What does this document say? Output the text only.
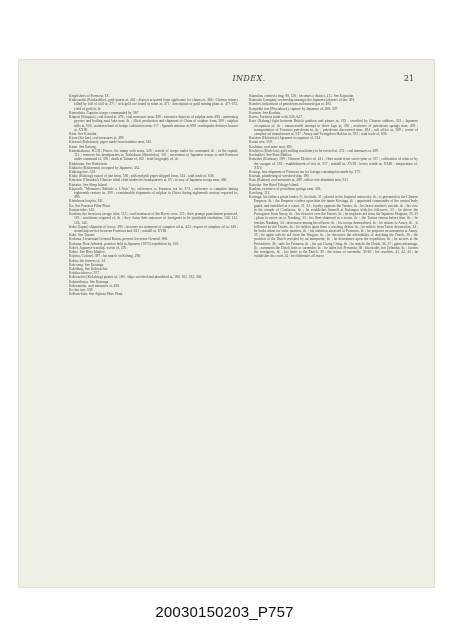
INDEX.	21
Kingfishers of Formosa, IX.
Kinkwaseki (Kinkashike), gold quartz at, 463 ; deposit acquired from applicants for claims at, 466 ; Chinese miners killed by fall of cliff at, 471 ; rich gold ore found in mine at, 471 ; description of gold mining plant at, 471-472, yield of gold at, ib.
Kinooshita, Captain, troops commanded by, 367.
Kinpori (Kinpairi), coal found at, 476 ; coal measures near, 499 ; extensive deposits of sulphur near, 496 ; interesting geysers and boiling mud lake near, ib. ; illicit production and shipment to China of sulphur from, 509 ; sulphur stills at, 504 ; northern limit of indigo cultivation near, 517 ; Spanish mission at, 608 ; earthquake destroys houses at, XXIII.
Kirai. See Kurasha.
Kiron (Ka-lun), coal measures at, 499.
Kitosroi (Kulumsia); paper made from bamboo near, 545.
Kiran. See Kalung.
Kitashirakawa, H.I.H., Prince, his tramp with army, 326 ; arrival of troops under his command, ib. ; at the capital, 312 ; removes his headquarters to Toshokuan (Shinchiku), 331 ; movement of Japanese troops to mid-Formosa under command of, 359 ; death at Tainan of, 365 ; brief biography of, ib.
Kiukiaona. See Kinkiairin.
Kiukioto (Kiukieuna) occupied by Japanese, 332.
Kiukong tree, 525.
Kiuko (Kukong) export of jute from, 530 ; pith and pith paper shipped from, 543 ; total trade of, 636.
Kiuroton (Chiuakio), Chinese tribal chief makes his headquarters at, 65 ; victory of Japanese troops near, 360.
Kiusatto. See Sleep Island.
Klaproth, "Memoires Relatifs a L'Asie" by, references to Formosa tea in, 373 ; reference to camphor during eighteenth century in, 399 ; considerable shipments of sulphur to China during eighteenth century reported in, 499.
Kleinhoria hospita, 541.
Ko. See Paeraria Fibre Plant.
Koatan tribe, 145.
Koalutu, the ferocious savage tribe, 115 ; cruel massacre of the Rover crew, 115 ; their prompt punishment promised, 119 ; conditions required of, ib. ; they claim their massacre of foreigners to be justifiable retaliation, 120, 141, 143, 144.
Kobe (Japan) shipment of tea to, 399 ; factories for treatment of camphor oil at, 423 ; export of camphor oil to, 440 ; steamship service between Formosa and, 621 ; rainfall at, XVIII.
Koki. See Taxaen.
Kodama, Lieutenant-General Baron, present Governor-General, 696.
Kodama, Rear Admiral, position held in Japanese (1874) expedition by, 165.
Kohei, Japanese warship, wreck of, 370.
Kohio. See Ross Mallow.
Kojima, Colonel, 397 ; his march on Kelung, 296.
Kokia, the fortress of, 34.
Kok-seng. See Koxinga.
Kokshing. See Kokwachio.
Koluku tobacco, 557.
Kokwachio (Kokshing) pirates of, 180 ; ships wrecked and plundered at, 180, 181, 182, 336.
Kokmidouyu. See Komuga.
Kokwanshu, coal measures at, 490.
Ko-lan tree, 558.
Kollam-kiau. See Alpinia Fibre Plant.
Kumulan, created a ting, 98, 156 ; becomes a district, 211. See Kapsulan.
Komatsu Company, ownership amongst the Japanese laborers of the, 491.
Kombei, indications of petroleum and natural gas at, 493.
Koopekhi fort (Pescadores), capture by Japanese of, 296, 307.
Koomin. See Koalutu.
Korea, Formosa trade with, 626, 627.
Koto (Kalung) fight between British gunboat and pirates at, 183 ; searched by Chinese soldiers, 333 ; Japanese occupation of, ib. ; unsuccessful attempt to drive Japs at, 350 ; existence of petroleum springs near, 493 ; transportation of Formosa petroleum to, ib. ; petroleum discovered near, 494 ; salt office at, 509 ; centre of camphor oil manufacture at, 547 ; Amoy and Twongthou Hokloo in, 591 ; total trade of, 636.
Koroton (Holontow) Japanese occupation of, 334.
Kosan tree, 558.
Koshima, coal mine near, 485.
Koshtcyo (Kinh-lan), gold milling machinery to be erected at, 472 ; coal measures at, 489.
Koshukhei. See Rose Mallow.
Kotushei (Kinhsue), 599 ; Chinese District of, 241 ; fibre made from screw-pine at, 537 ; cultivation of tobacco by the savages of, 553 ; establishment of rice at, 557 ; rainfall in, XVIII ; heavy winds at, XXIII ; temperature of, XXV.
Koxing, first shipment of Formosa tea for foreign consumption made by, 375.
Koxsuh, plundering of wrecked ship, 180.
Koto (Kantan) coal measures at, 489 ; tallow tree abundant near, 531.
Kotosho. See Botel Tobago Island.
Kouhan, existence of petroleum springs near, 493.
Kowlung, 112.
Koxinga, his father a pirate leader, 9 ; his birth, 31 ; placed in the Imperial university, ib. ; is presented to the Chinese Emperor, ib. ; the Emperor confers upon him the name Koxinga, ib. ; appointed commander of the central body guard, and ennobled as a count, 31, 32 ; loyalty opposes the Tartars, ib. ; his brave mother's suicide, ib. ; his vow in the temple of Confucius, ib. ; he establishes himself at Kulangsu with his followers, 33 ; he drives the Portuguese from Amoy, ib. ; his victories over the Tartars, ib. ; he implores aid from the Japanese Shoguns, 33, 35 ; plans to move on to Nanking, 33 ; his fleet shattered in a storm, ib. ; the Tartars retreat before him, ib. ; he reaches Nanking, 34 ; dissension among his officers, ib. ; his troops demoralised, ib. ; he returns to Amoy, ib. ; is followed by the Tartars, ib. ; he inflicts upon them a crushing defeat, ib. ; he suffers from Tartar devastation, 34 ; he looks about for safer quarters, ib. ; his attention attracted to Formosa, ib. ; he prepares an armament at Amoy, 35 ; he again solicits aid from the Shogun, ib. ; he discusses the advisability of attacking the Dutch, 36 ; the position of the Dutch revealed by an interpreter, ib. ; he determines upon the expedition, ib. ; he arrives at the Pescadores, 36 ; sails for Formosa, ib. ; his son Chang Ching, ib. ; he attacks the Dutch, 36, 37 ; gains advantage, ib. ; summons the Dutch forts to surrender, ib. ; he takes fort Provintia, 38 ; blockades fort Zelandia, ib. ; harries the foreigners, ib. ; his letter to the Dutch, 39 ; the terms of surrender, 39-40 ; his cruelties, 41, 42, 44 ; he establishes his court, 42 ; he obliterates all traces
20030150203_P757
